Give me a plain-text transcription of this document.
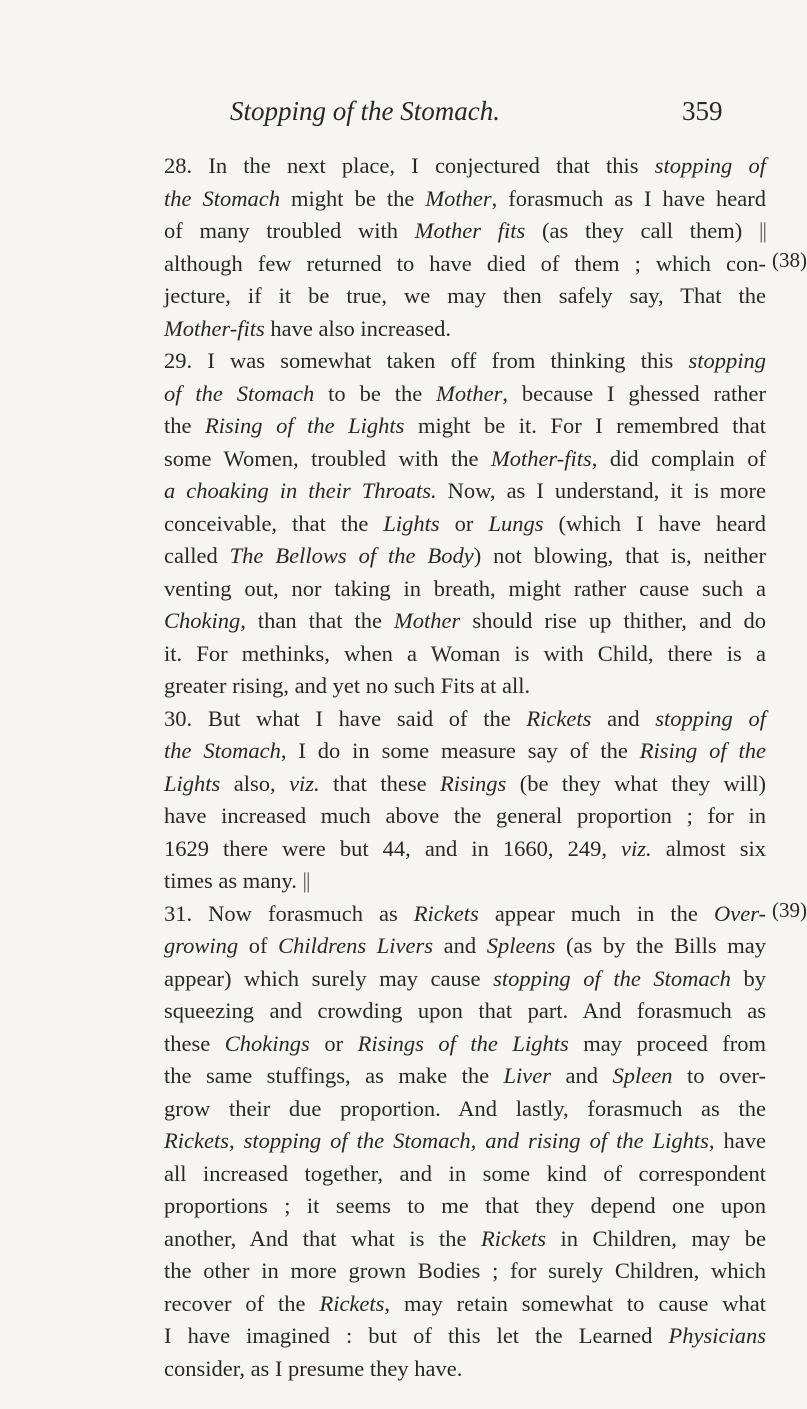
Stopping of the Stomach.	359
28. In the next place, I conjectured that this stopping of
the Stomach might be the Mother, forasmuch as I have heard
of many troubled with Mother fits (as they call them) ||
although few returned to have died of them ; which con-
jecture, if it be true, we may then safely say, That the
Mother-fits have also increased.
29. I was somewhat taken off from thinking this stopping
of the Stomach to be the Mother, because I ghessed rather
the Rising of the Lights might be it. For I remembred that
some Women, troubled with the Mother-fits, did complain of
a choaking in their Throats. Now, as I understand, it is more
conceivable, that the Lights or Lungs (which I have heard
called The Bellows of the Body) not blowing, that is, neither
venting out, nor taking in breath, might rather cause such a
Choking, than that the Mother should rise up thither, and do
it. For methinks, when a Woman is with Child, there is a
greater rising, and yet no such Fits at all.
30. But what I have said of the Rickets and stopping of
the Stomach, I do in some measure say of the Rising of the
Lights also, viz. that these Risings (be they what they will)
have increased much above the general proportion ; for in
1629 there were but 44, and in 1660, 249, viz. almost six
times as many. ||
31. Now forasmuch as Rickets appear much in the Over-
growing of Childrens Livers and Spleens (as by the Bills may
appear) which surely may cause stopping of the Stomach by
squeezing and crowding upon that part. And forasmuch as
these Chokings or Risings of the Lights may proceed from
the same stuffings, as make the Liver and Spleen to over-
grow their due proportion. And lastly, forasmuch as the
Rickets, stopping of the Stomach, and rising of the Lights, have
all increased together, and in some kind of correspondent
proportions ; it seems to me that they depend one upon
another, And that what is the Rickets in Children, may be
the other in more grown Bodies ; for surely Children, which
recover of the Rickets, may retain somewhat to cause what
I have imagined : but of this let the Learned Physicians
consider, as I presume they have.
(38)
(39)
